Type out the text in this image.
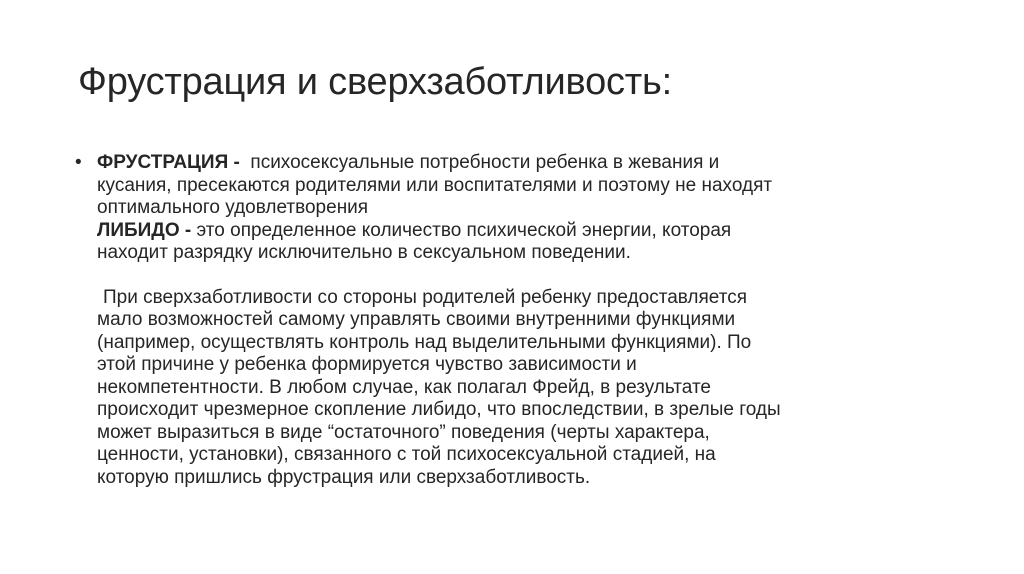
Фрустрация и сверхзаботливость:
• ФРУСТРАЦИЯ -  психосексуальные потребности ребенка в жевания и
кусания, пресекаются родителями или воспитателями и поэтому не находят
оптимального удовлетворения
ЛИБИДО - это определенное количество психической энергии, которая
находит разрядку исключительно в сексуальном поведении.
При сверхзаботливости со стороны родителей ребенку предоставляется
мало возможностей самому управлять своими внутренними функциями
(например, осуществлять контроль над выделительными функциями). По
этой причине у ребенка формируется чувство зависимости и
некомпетентности. В любом случае, как полагал Фрейд, в результате
происходит чрезмерное скопление либидо, что впоследствии, в зрелые годы
может выразиться в виде “остаточного” поведения (черты характера,
ценности, установки), связанного с той психосексуальной стадией, на
которую пришлись фрустрация или сверхзаботливость.
